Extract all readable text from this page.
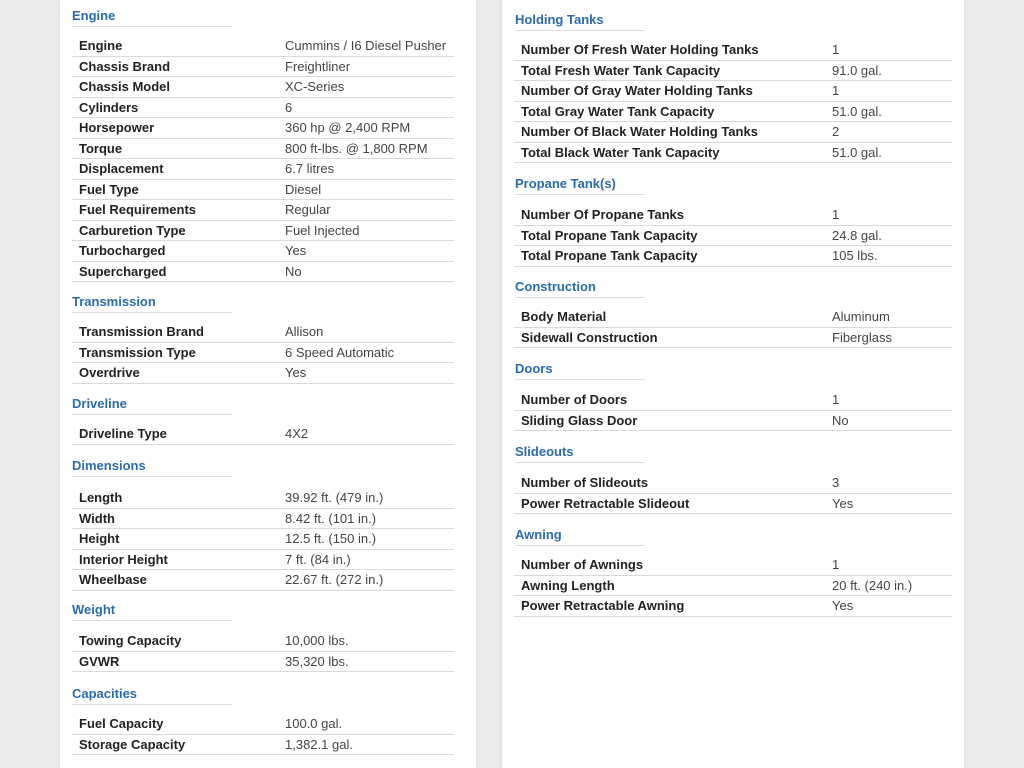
Engine
Engine	Cummins / I6 Diesel Pusher
Chassis Brand	Freightliner
Chassis Model	XC-Series
Cylinders	6
Horsepower	360 hp @ 2,400 RPM
Torque	800 ft-lbs. @ 1,800 RPM
Displacement	6.7 litres
Fuel Type	Diesel
Fuel Requirements	Regular
Carburetion Type	Fuel Injected
Turbocharged	Yes
Supercharged	No
Transmission
Transmission Brand	Allison
Transmission Type	6 Speed Automatic
Overdrive	Yes
Driveline
Driveline Type	4X2
Dimensions
Length	39.92 ft. (479 in.)
Width	8.42 ft. (101 in.)
Height	12.5 ft. (150 in.)
Interior Height	7 ft. (84 in.)
Wheelbase	22.67 ft. (272 in.)
Weight
Towing Capacity	10,000 lbs.
GVWR	35,320 lbs.
Capacities
Fuel Capacity	100.0 gal.
Storage Capacity	1,382.1 gal.
Holding Tanks
Number Of Fresh Water Holding Tanks	1
Total Fresh Water Tank Capacity	91.0 gal.
Number Of Gray Water Holding Tanks	1
Total Gray Water Tank Capacity	51.0 gal.
Number Of Black Water Holding Tanks	2
Total Black Water Tank Capacity	51.0 gal.
Propane Tank(s)
Number Of Propane Tanks	1
Total Propane Tank Capacity	24.8 gal.
Total Propane Tank Capacity	105 lbs.
Construction
Body Material	Aluminum
Sidewall Construction	Fiberglass
Doors
Number of Doors	1
Sliding Glass Door	No
Slideouts
Number of Slideouts	3
Power Retractable Slideout	Yes
Awning
Number of Awnings	1
Awning Length	20 ft. (240 in.)
Power Retractable Awning	Yes
